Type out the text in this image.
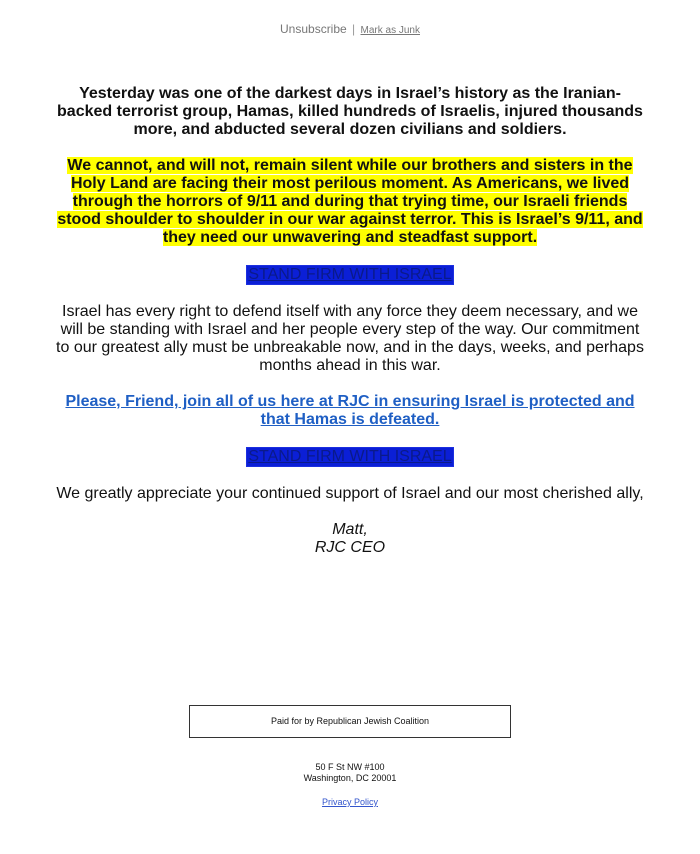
Unsubscribe | Mark as Junk

Yesterday was one of the darkest days in Israel’s history as the Iranian-backed terrorist group, Hamas, killed hundreds of Israelis, injured thousands more, and abducted several dozen civilians and soldiers.

We cannot, and will not, remain silent while our brothers and sisters in the Holy Land are facing their most perilous moment. As Americans, we lived through the horrors of 9/11 and during that trying time, our Israeli friends stood shoulder to shoulder in our war against terror. This is Israel’s 9/11, and they need our unwavering and steadfast support.

STAND FIRM WITH ISRAEL

Israel has every right to defend itself with any force they deem necessary, and we will be standing with Israel and her people every step of the way. Our commitment to our greatest ally must be unbreakable now, and in the days, weeks, and perhaps months ahead in this war.

Please, Friend, join all of us here at RJC in ensuring Israel is protected and that Hamas is defeated.
STAND FIRM WITH ISRAEL

We greatly appreciate your continued support of Israel and our most cherished ally,

Matt,

RJC CEO

Paid for by Republican Jewish Coalition
50 F St NW #100
Washington, DC 20001
Privacy Policy
